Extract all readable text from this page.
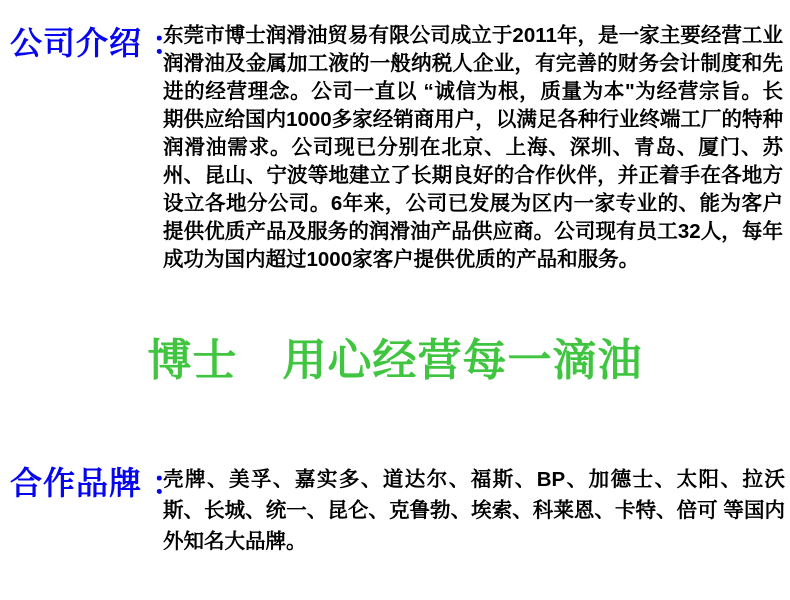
公司介绍 ：
东莞市博士润滑油贸易有限公司成立于2011年，是一家主要经营工业润滑油及金属加工液的一般纳税人企业，有完善的财务会计制度和先进的经营理念。公司一直以 “诚信为根，质量为本"为经营宗旨。长期供应给国内1000多家经销商用户，以满足各种行业终端工厂的特种润滑油需求。公司现已分别在北京、上海、深圳、青岛、厦门、苏州、昆山、宁波等地建立了长期良好的合作伙伴，并正着手在各地方设立各地分公司。6年来，公司已发展为区内一家专业的、能为客户提供优质产品及服务的润滑油产品供应商。公司现有员工32人，每年成功为国内超过1000家客户提供优质的产品和服务。
博士　用心经营每一滴油
合作品牌 ：
壳牌、美孚、嘉实多、道达尔、福斯、BP、加德士、太阳、拉沃斯、长城、统一、昆仑、克鲁勃、埃索、科莱恩、卡特、倍可 等国内外知名大品牌。
